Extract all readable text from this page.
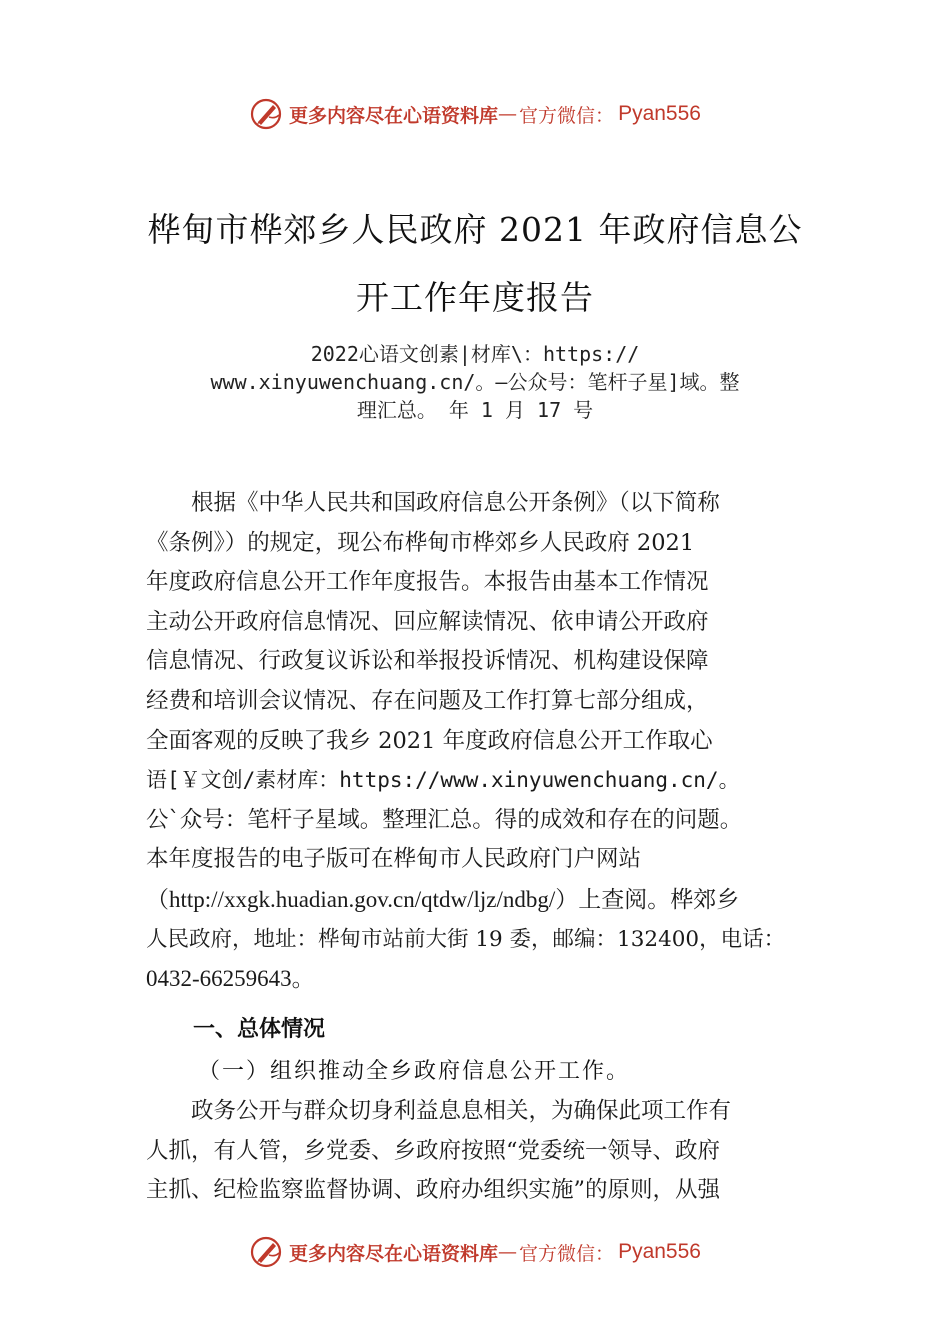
更多内容尽在心语资料库 — 官方微信： Pyan556
桦甸市桦郊乡人民政府 2021 年政府信息公
开工作年度报告
2022心语文创素|材库\：https://
www.xinyuwenchuang.cn/。—公众号：笔杆子星]域。整
理汇总。 年 1 月 17 号
　　根据《中华人民共和国政府信息公开条例》（以下简称
《条例》）的规定，现公布桦甸市桦郊乡人民政府 2021
年度政府信息公开工作年度报告。本报告由基本工作情况
主动公开政府信息情况、回应解读情况、依申请公开政府
信息情况、行政复议诉讼和举报投诉情况、机构建设保障
经费和培训会议情况、存在问题及工作打算七部分组成，
全面客观的反映了我乡 2021 年度政府信息公开工作取心
语[￥文创/素材库：https://www.xinyuwenchuang.cn/。
公`众号：笔杆子星域。整理汇总。得的成效和存在的问题。
本年度报告的电子版可在桦甸市人民政府门户网站
（http://xxgk.huadian.gov.cn/qtdw/ljz/ndbg/）上查阅。桦郊乡
人民政府，地址：桦甸市站前大街 19 委，邮编：132400，电话：
0432-66259643。
一、总体情况
（一）组织推动全乡政府信息公开工作。
　　政务公开与群众切身利益息息相关，为确保此项工作有
人抓，有人管，乡党委、乡政府按照“党委统一领导、政府
主抓、纪检监察监督协调、政府办组织实施”的原则，从强
更多内容尽在心语资料库 — 官方微信： Pyan556
